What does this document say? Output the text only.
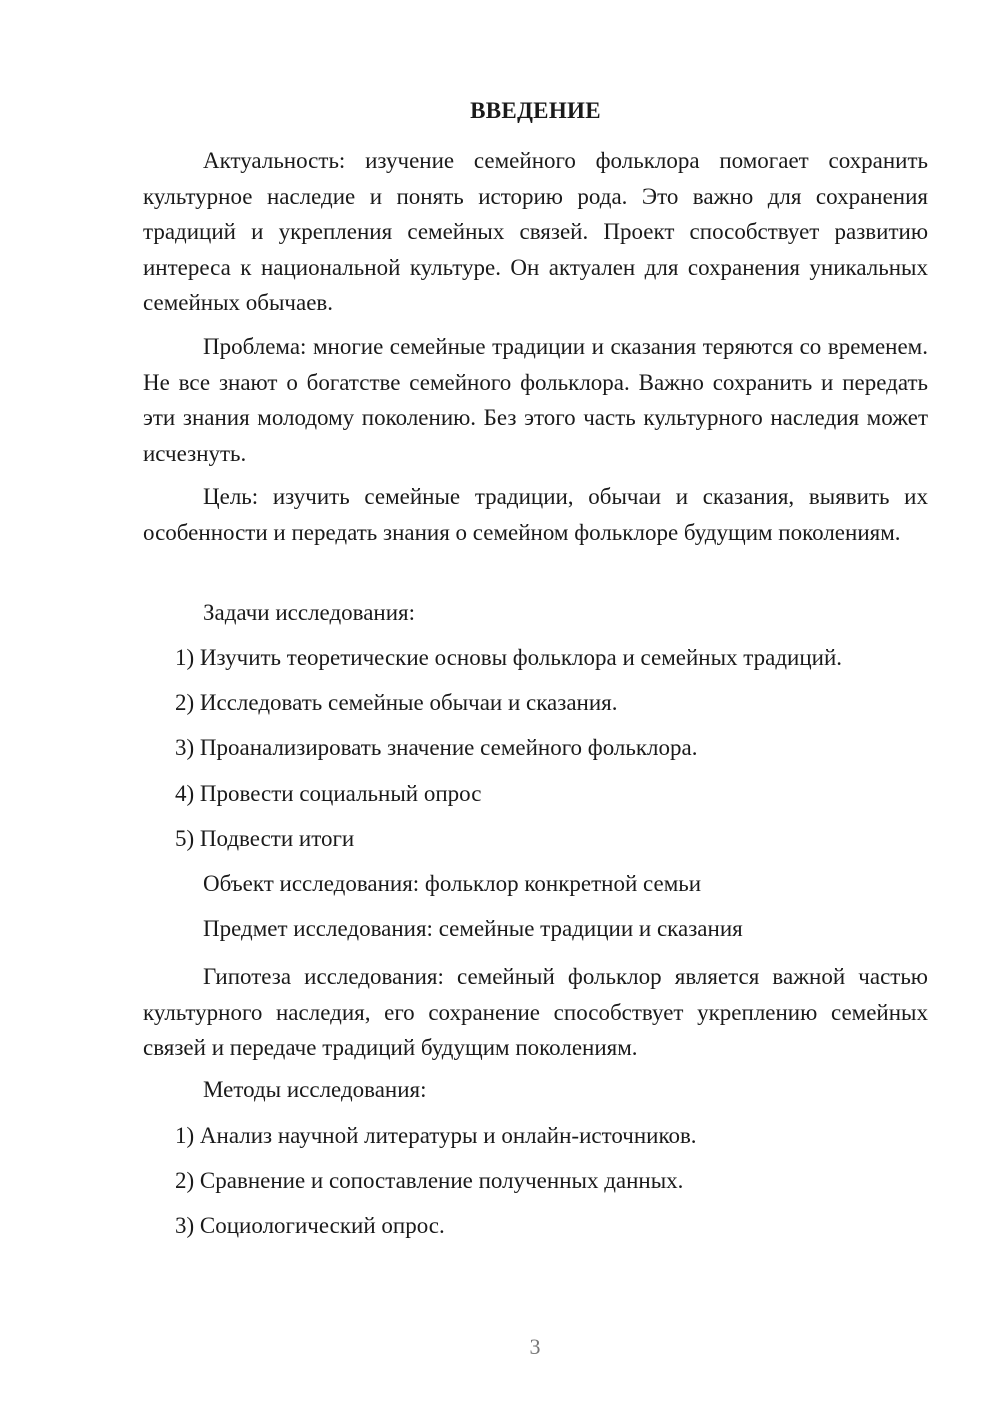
ВВЕДЕНИЕ

Актуальность: изучение семейного фольклора помогает сохранить культурное наследие и понять историю рода. Это важно для сохранения традиций и укрепления семейных связей. Проект способствует развитию интереса к национальной культуре. Он актуален для сохранения уникальных семейных обычаев.

Проблема: многие семейные традиции и сказания теряются со временем. Не все знают о богатстве семейного фольклора. Важно сохранить и передать эти знания молодому поколению. Без этого часть культурного наследия может исчезнуть.

Цель: изучить семейные традиции, обычаи и сказания, выявить их особенности и передать знания о семейном фольклоре будущим поколениям.

Задачи исследования:
1) Изучить теоретические основы фольклора и семейных традиций.
2) Исследовать семейные обычаи и сказания.
3) Проанализировать значение семейного фольклора.
4) Провести социальный опрос
5) Подвести итоги
Объект исследования: фольклор конкретной семьи
Предмет исследования: семейные традиции и сказания

Гипотеза исследования: семейный фольклор является важной частью культурного наследия, его сохранение способствует укреплению семейных связей и передаче традиций будущим поколениям.

Методы исследования:
1) Анализ научной литературы и онлайн-источников.
2) Сравнение и сопоставление полученных данных.
3) Социологический опрос.
3
